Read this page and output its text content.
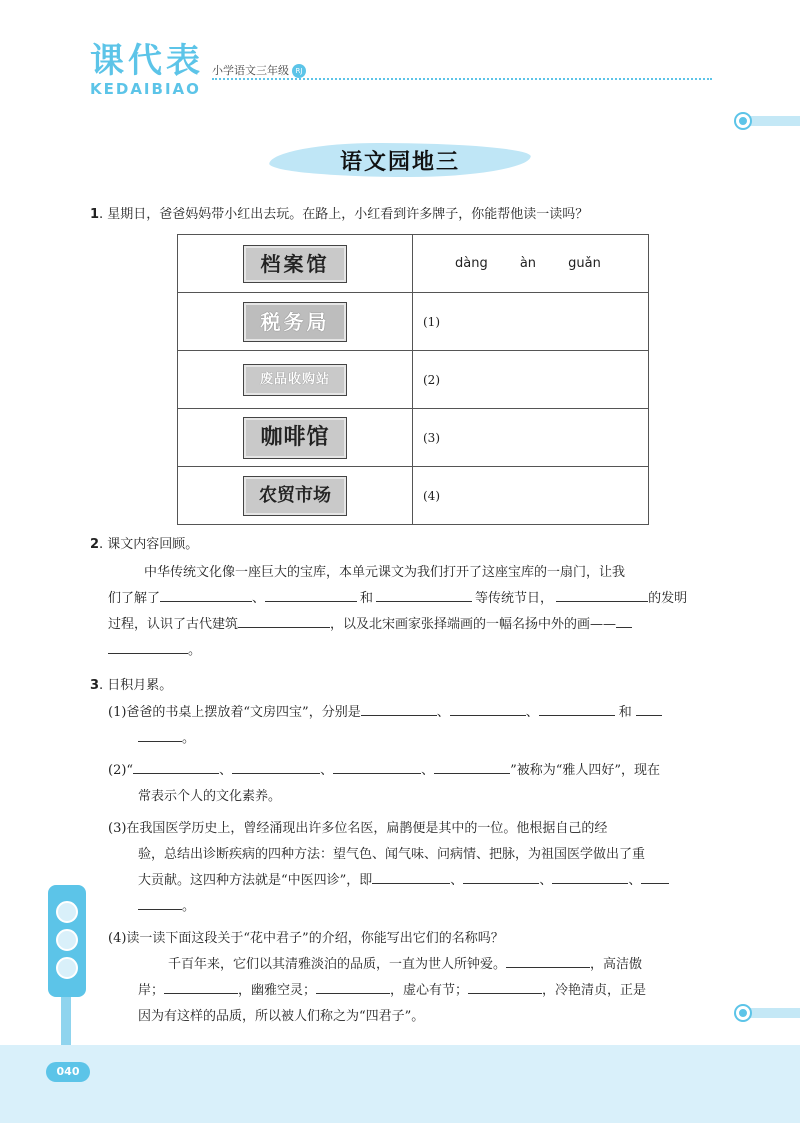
课代表
KEDAIBIAO
小学语文三年级 RJ
语文园地三
1. 星期日，爸爸妈妈带小红出去玩。在路上，小红看到许多牌子，你能帮他读一读吗？
档案馆	dàng àn guǎn
税务局	(1)
废品收购站	(2)
咖啡馆	(3)
农贸市场	(4)
2. 课文内容回顾。
中华传统文化像一座巨大的宝库，本单元课文为我们打开了这座宝库的一扇门，让我
们了解了	、	和	等传统节日，	的发明
过程，认识了古代建筑	，以及北宋画家张择端画的一幅名扬中外的画——
。
3. 日积月累。
(1)爸爸的书桌上摆放着“文房四宝”，分别是	、	、	和
。
(2)“	、	、	、	”被称为“雅人四好”，现在
常表示个人的文化素养。
(3)在我国医学历史上，曾经涌现出许多位名医，扁鹊便是其中的一位。他根据自己的经
验，总结出诊断疾病的四种方法：望气色、闻气味、问病情、把脉，为祖国医学做出了重
大贡献。这四种方法就是“中医四诊”，即	、	、	、
。
(4)读一读下面这段关于“花中君子”的介绍，你能写出它们的名称吗？
千百年来，它们以其清雅淡泊的品质，一直为世人所钟爱。	，高洁傲
岸；	，幽雅空灵；	，虚心有节；	，冷艳清贞，正是
因为有这样的品质，所以被人们称之为“四君子”。
040
